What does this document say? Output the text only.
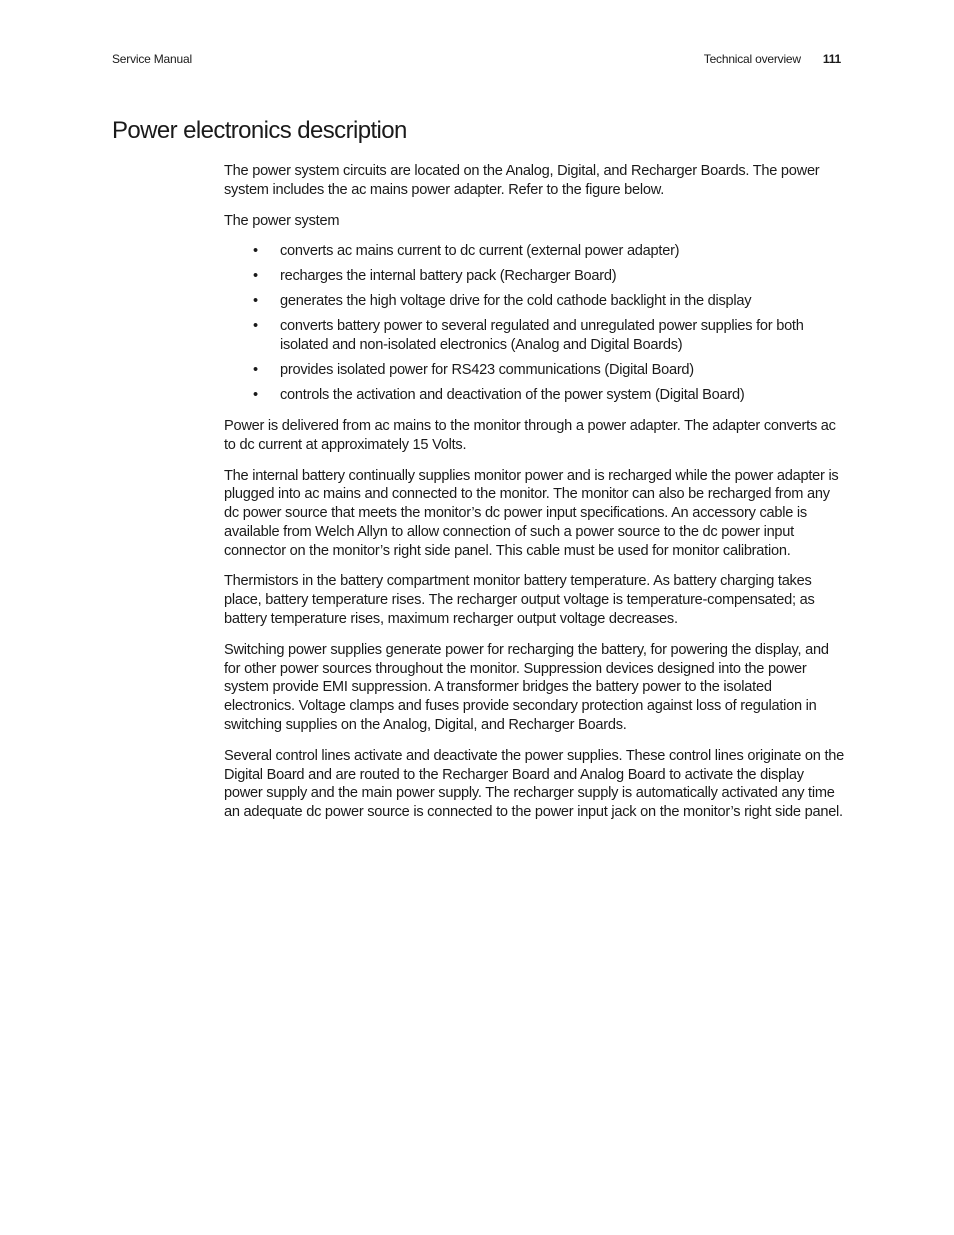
Service Manual	Technical overview 111
Power electronics description

The power system circuits are located on the Analog, Digital, and Recharger Boards. The power system includes the ac mains power adapter. Refer to the figure below.

The power system

• converts ac mains current to dc current (external power adapter)
• recharges the internal battery pack (Recharger Board)
• generates the high voltage drive for the cold cathode backlight in the display
• converts battery power to several regulated and unregulated power supplies for both isolated and non-isolated electronics (Analog and Digital Boards)
• provides isolated power for RS423 communications (Digital Board)
• controls the activation and deactivation of the power system (Digital Board)

Power is delivered from ac mains to the monitor through a power adapter. The adapter converts ac to dc current at approximately 15 Volts.

The internal battery continually supplies monitor power and is recharged while the power adapter is plugged into ac mains and connected to the monitor. The monitor can also be recharged from any dc power source that meets the monitor’s dc power input specifications. An accessory cable is available from Welch Allyn to allow connection of such a power source to the dc power input connector on the monitor’s right side panel. This cable must be used for monitor calibration.

Thermistors in the battery compartment monitor battery temperature. As battery charging takes place, battery temperature rises. The recharger output voltage is temperature-compensated; as battery temperature rises, maximum recharger output voltage decreases.

Switching power supplies generate power for recharging the battery, for powering the display, and for other power sources throughout the monitor. Suppression devices designed into the power system provide EMI suppression. A transformer bridges the battery power to the isolated electronics. Voltage clamps and fuses provide secondary protection against loss of regulation in switching supplies on the Analog, Digital, and Recharger Boards.

Several control lines activate and deactivate the power supplies. These control lines originate on the Digital Board and are routed to the Recharger Board and Analog Board to activate the display power supply and the main power supply. The recharger supply is automatically activated any time an adequate dc power source is connected to the power input jack on the monitor’s right side panel.
